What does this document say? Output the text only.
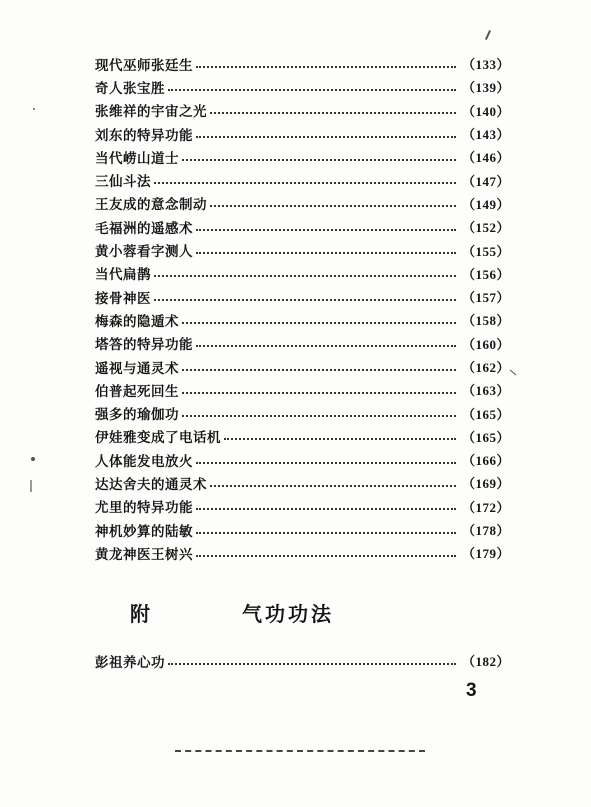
现代巫师张廷生	（133）
奇人张宝胜	（139）
张维祥的宇宙之光	（140）
刘东的特异功能	（143）
当代崂山道士	（146）
三仙斗法	（147）
王友成的意念制动	（149）
毛福洲的遥感术	（152）
黄小蓉看字测人	（155）
当代扁鹊	（156）
接骨神医	（157）
梅森的隐遁术	（158）
塔答的特异功能	（160）
遥视与通灵术	（162）
伯普起死回生	（163）
强多的瑜伽功	（165）
伊娃雅变成了电话机	（165）
人体能发电放火	（166）
达达舍夫的通灵术	（169）
尤里的特异功能	（172）
神机妙算的陆敏	（178）
黄龙神医王树兴	（179）
附	气功功法
彭祖养心功	（182）
3
